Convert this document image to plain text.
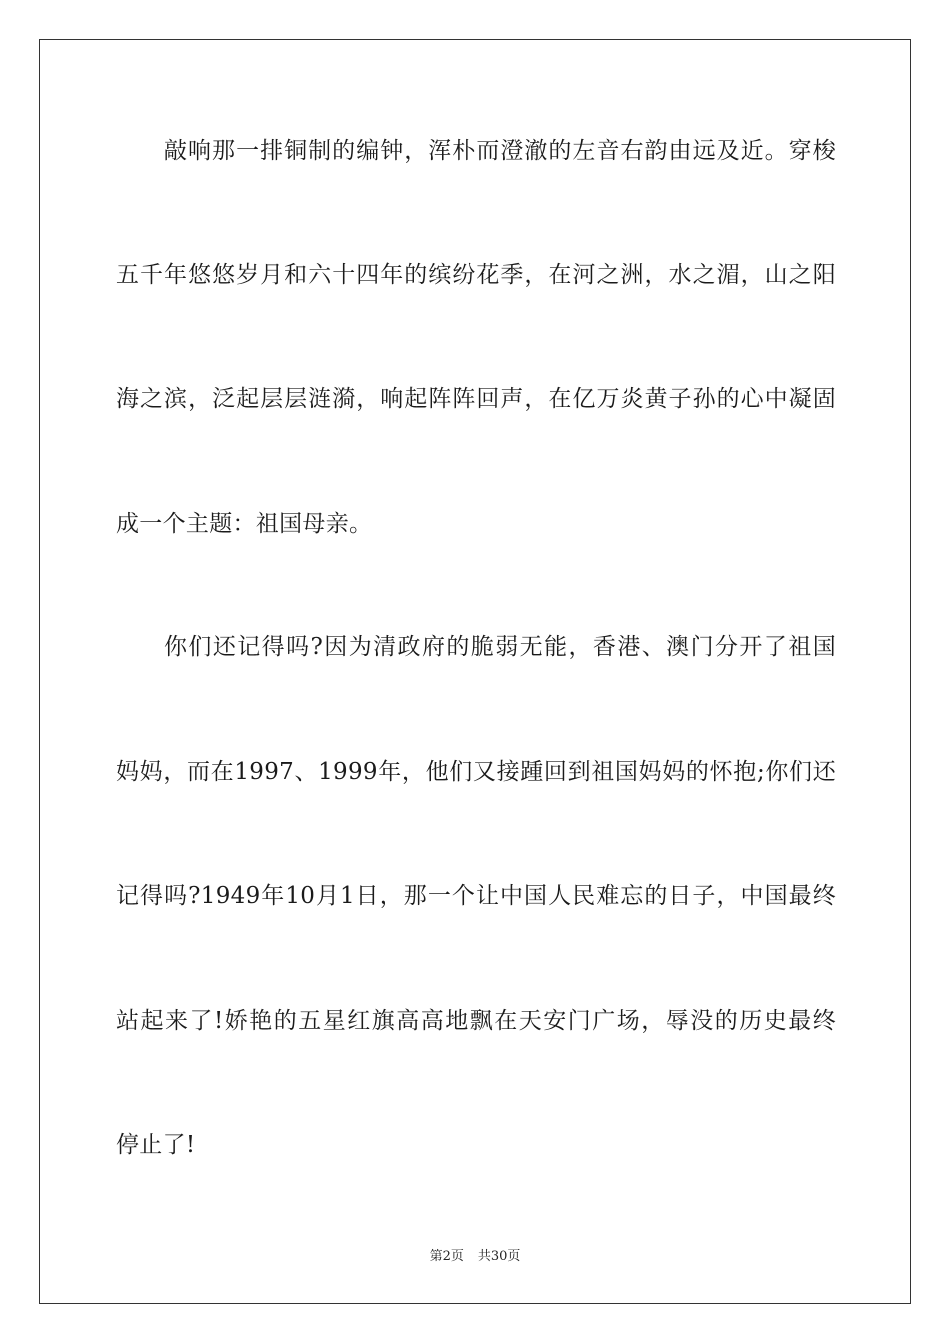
敲响那一排铜制的编钟，浑朴而澄澈的左音右韵由远及近。穿梭
五千年悠悠岁月和六十四年的缤纷花季，在河之洲，水之湄，山之阳
海之滨，泛起层层涟漪，响起阵阵回声，在亿万炎黄子孙的心中凝固
成一个主题：祖国母亲。
你们还记得吗?因为清政府的脆弱无能，香港、澳门分开了祖国
妈妈，而在1997、1999年，他们又接踵回到祖国妈妈的怀抱;你们还
记得吗?1949年10月1日，那一个让中国人民难忘的日子，中国最终
站起来了!娇艳的五星红旗高高地飘在天安门广场，辱没的历史最终
停止了!
第2页 共30页
